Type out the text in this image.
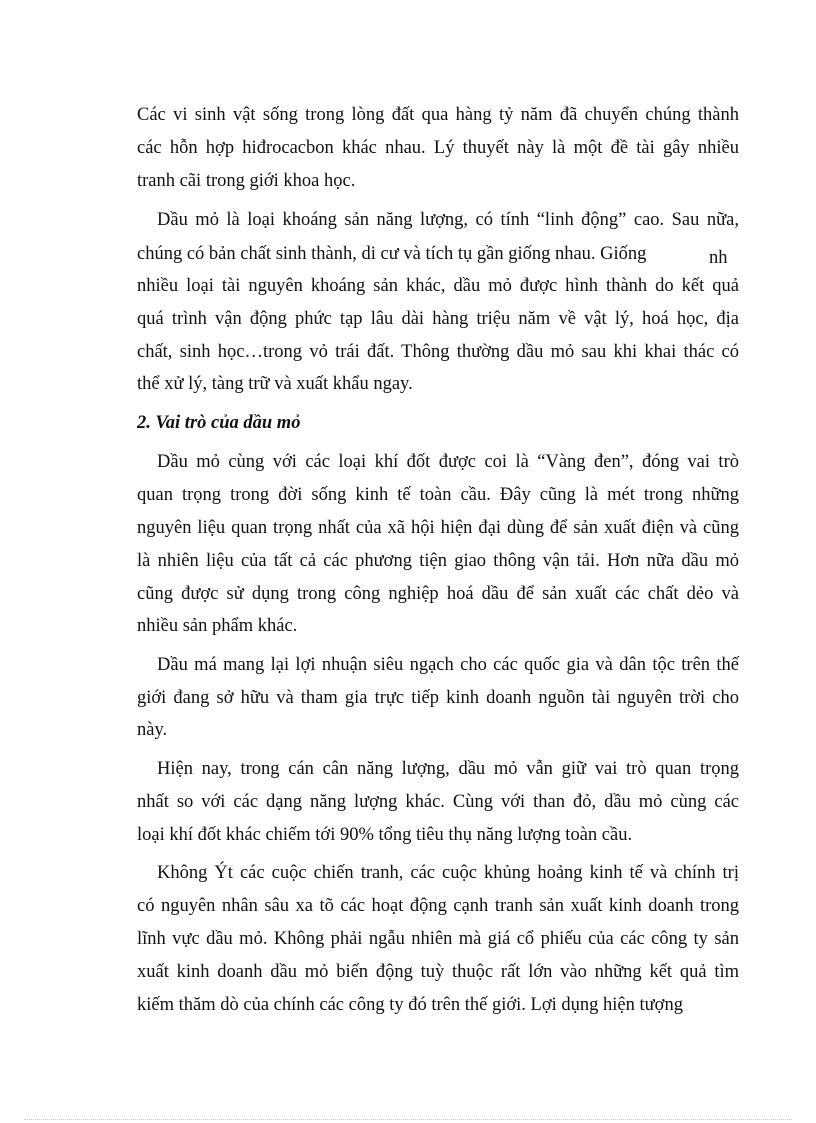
Các vi sinh vật sống trong lòng đất qua hàng tỷ năm đã chuyển chúng thành
các hỗn hợp hiđrocacbon khác nhau. Lý thuyết này là một đề tài gây nhiều
tranh cãi trong giới khoa học.
Dầu mỏ là loại khoáng sản năng lượng, có tính “linh động” cao. Sau nữa,
chúng có bản chất sinh thành, di cư và tích tụ gần giống nhau. Giống	nh
nhiều loại tài nguyên khoáng sản khác, dầu mỏ được hình thành do kết quả
quá trình vận động phức tạp lâu dài hàng triệu năm về vật lý, hoá học, địa
chất, sinh học…trong vỏ trái đất. Thông thường dầu mỏ sau khi khai thác có
thể xử lý, tàng trữ và xuất khẩu ngay.
2. Vai trò của dầu mỏ
Dầu mỏ cùng với các loại khí đốt được coi là “Vàng đen”, đóng vai trò
quan trọng trong đời sống kinh tế toàn cầu. Đây cũng là mét trong những
nguyên liệu quan trọng nhất của xã hội hiện đại dùng để sản xuất điện và cũng
là nhiên liệu của tất cả các phương tiện giao thông vận tải. Hơn nữa dầu mỏ
cũng được sử dụng trong công nghiệp hoá dầu để sản xuất các chất dẻo và
nhiều sản phẩm khác.
Dầu má mang lại lợi nhuận siêu ngạch cho các quốc gia và dân tộc trên thế
giới đang sở hữu và tham gia trực tiếp kinh doanh nguồn tài nguyên trời cho
này.
Hiện nay, trong cán cân năng lượng, dầu mỏ vẫn giữ vai trò quan trọng
nhất so với các dạng năng lượng khác. Cùng với than đỏ, dầu mỏ cùng các
loại khí đốt khác chiếm tới 90% tổng tiêu thụ năng lượng toàn cầu.
Không Ýt các cuộc chiến tranh, các cuộc khủng hoảng kinh tế và chính trị
có nguyên nhân sâu xa tõ các hoạt động cạnh tranh sản xuất kinh doanh trong
lĩnh vực dầu mỏ. Không phải ngẫu nhiên mà giá cổ phiếu của các công ty sản
xuất kinh doanh dầu mỏ biến động tuỳ thuộc rất lớn vào những kết quả tìm
kiếm thăm dò của chính các công ty đó trên thế giới. Lợi dụng hiện tượng
